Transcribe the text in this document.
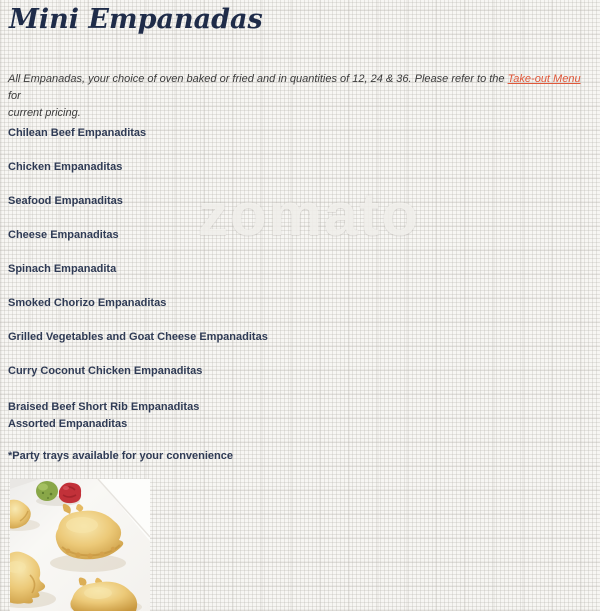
zomato
Mini Empanadas

All Empanadas, your choice of oven baked or fried and in quantities of 12, 24 & 36. Please refer to the Take-out Menu for
current pricing.

Chilean Beef Empanaditas
Chicken Empanaditas
Seafood Empanaditas
Cheese Empanaditas
Spinach Empanadita
Smoked Chorizo Empanaditas
Grilled Vegetables and Goat Cheese Empanaditas
Curry Coconut Chicken Empanaditas
Braised Beef Short Rib Empanaditas
Assorted Empanaditas
*Party trays available for your convenience
